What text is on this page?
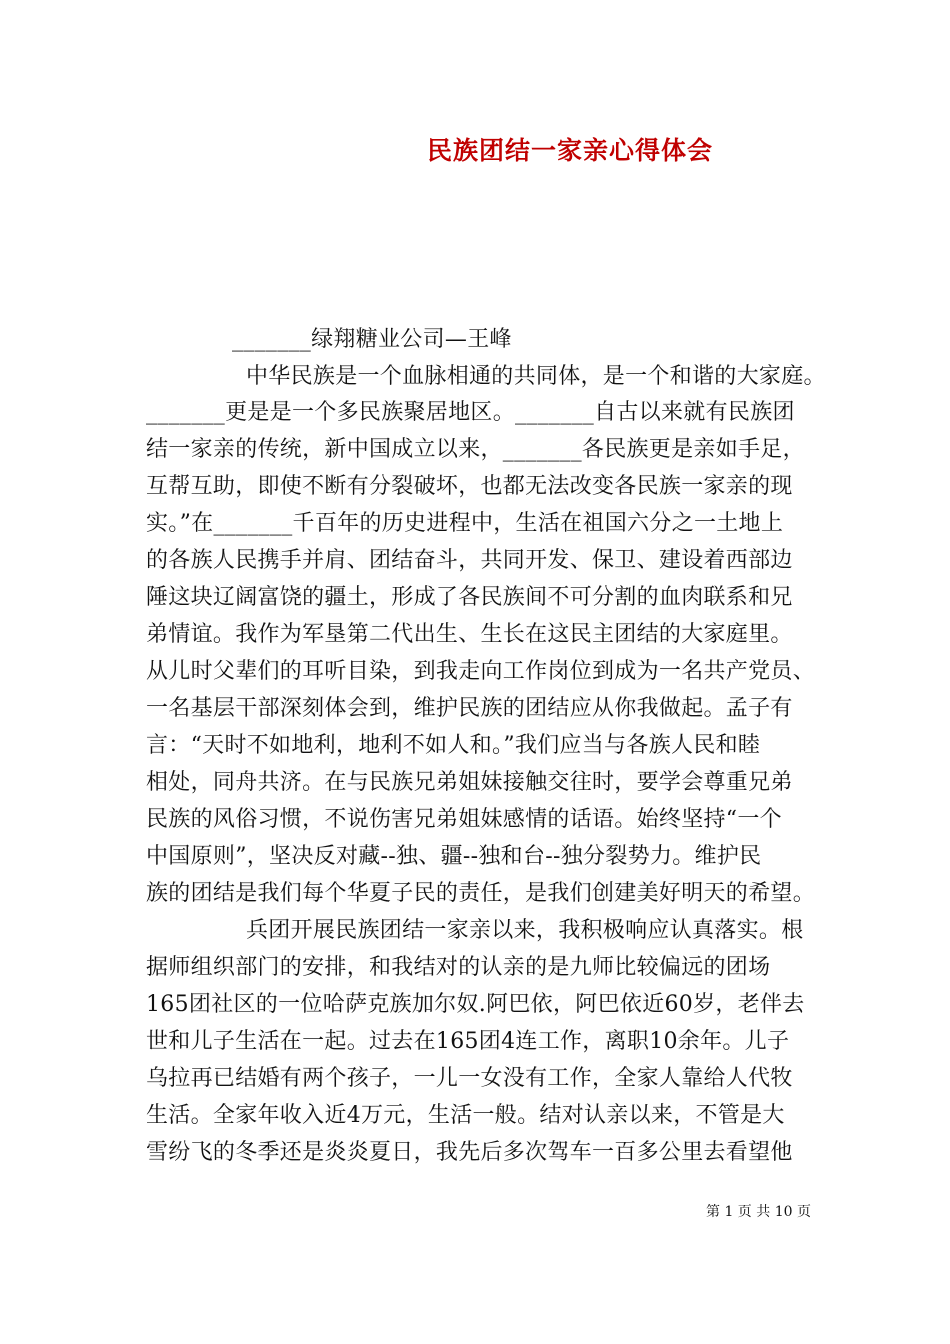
民族团结一家亲心得体会
_______绿翔糖业公司—王峰
中华民族是一个血脉相通的共同体，是一个和谐的大家庭。
_______更是是一个多民族聚居地区。_______自古以来就有民族团
结一家亲的传统，新中国成立以来，_______各民族更是亲如手足，
互帮互助，即使不断有分裂破坏，也都无法改变各民族一家亲的现
实。”在_______千百年的历史进程中，生活在祖国六分之一土地上
的各族人民携手并肩、团结奋斗，共同开发、保卫、建设着西部边
陲这块辽阔富饶的疆土，形成了各民族间不可分割的血肉联系和兄
弟情谊。我作为军垦第二代出生、生长在这民主团结的大家庭里。
从儿时父辈们的耳听目染，到我走向工作岗位到成为一名共产党员、
一名基层干部深刻体会到，维护民族的团结应从你我做起。孟子有
言：“天时不如地利，地利不如人和。”我们应当与各族人民和睦
相处，同舟共济。在与民族兄弟姐妹接触交往时，要学会尊重兄弟
民族的风俗习惯，不说伤害兄弟姐妹感情的话语。始终坚持“一个
中国原则”，坚决反对藏--独、疆--独和台--独分裂势力。维护民
族的团结是我们每个华夏子民的责任，是我们创建美好明天的希望。
兵团开展民族团结一家亲以来，我积极响应认真落实。根
据师组织部门的安排，和我结对的认亲的是九师比较偏远的团场
165团社区的一位哈萨克族加尔奴.阿巴依，阿巴依近60岁，老伴去
世和儿子生活在一起。过去在165团4连工作，离职10余年。儿子
乌拉再已结婚有两个孩子，一儿一女没有工作，全家人靠给人代牧
生活。全家年收入近4万元，生活一般。结对认亲以来，不管是大
雪纷飞的冬季还是炎炎夏日，我先后多次驾车一百多公里去看望他
第 1 页 共 10 页
